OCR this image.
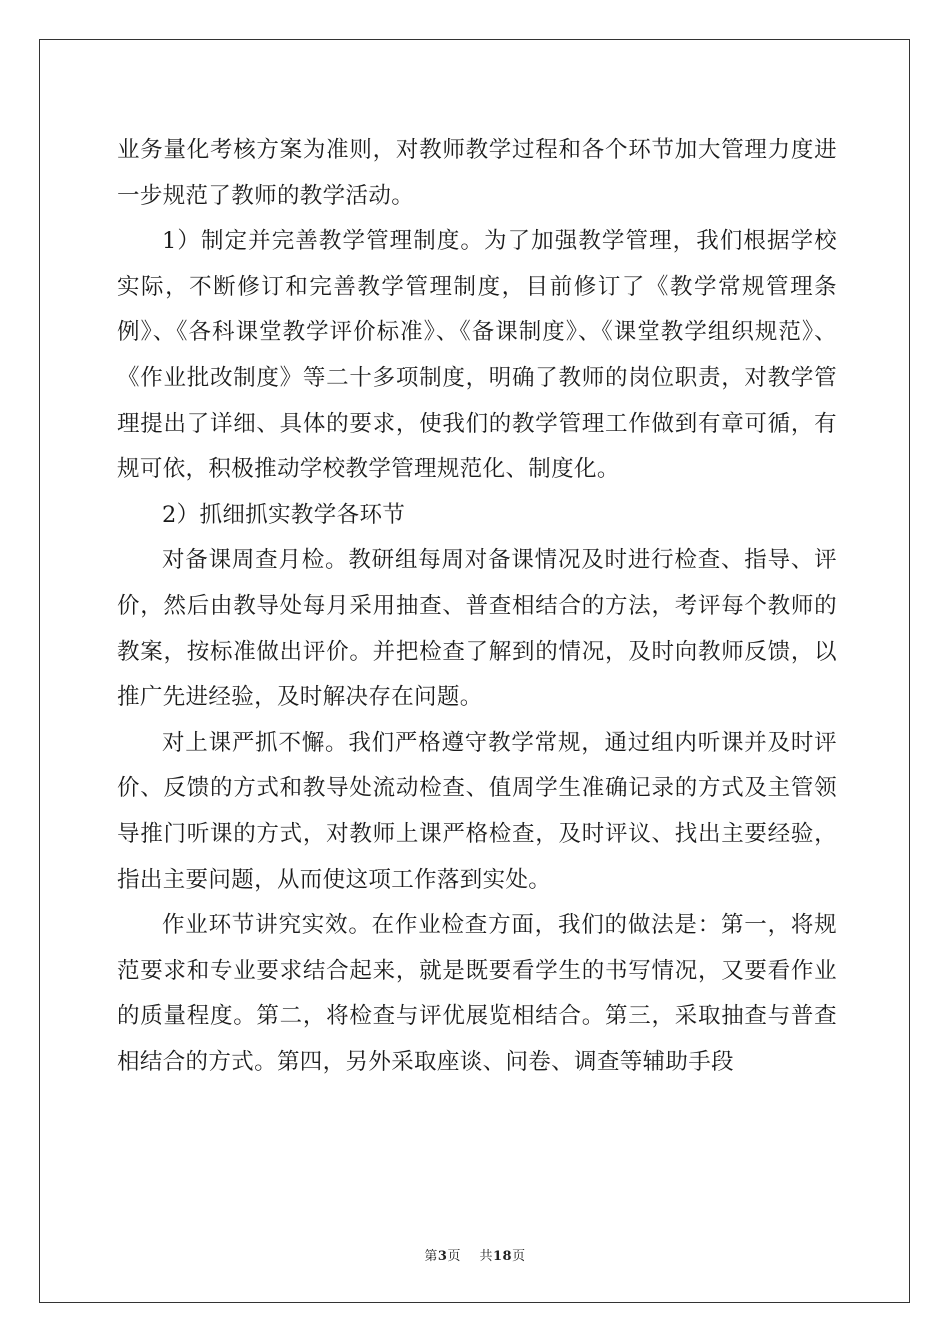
业务量化考核方案为准则，对教师教学过程和各个环节加大管理力度进一步规范了教师的教学活动。

1）制定并完善教学管理制度。为了加强教学管理，我们根据学校实际，不断修订和完善教学管理制度，目前修订了《教学常规管理条例》、《各科课堂教学评价标准》、《备课制度》、《课堂教学组织规范》、《作业批改制度》等二十多项制度，明确了教师的岗位职责，对教学管理提出了详细、具体的要求，使我们的教学管理工作做到有章可循，有规可依，积极推动学校教学管理规范化、制度化。

2）抓细抓实教学各环节

对备课周查月检。教研组每周对备课情况及时进行检查、指导、评价，然后由教导处每月采用抽查、普查相结合的方法，考评每个教师的教案，按标准做出评价。并把检查了解到的情况，及时向教师反馈，以推广先进经验，及时解决存在问题。

对上课严抓不懈。我们严格遵守教学常规，通过组内听课并及时评价、反馈的方式和教导处流动检查、值周学生准确记录的方式及主管领导推门听课的方式，对教师上课严格检查，及时评议、找出主要经验，指出主要问题，从而使这项工作落到实处。

作业环节讲究实效。在作业检查方面，我们的做法是：第一，将规范要求和专业要求结合起来，就是既要看学生的书写情况，又要看作业的质量程度。第二，将检查与评优展览相结合。第三，采取抽查与普查相结合的方式。第四，另外采取座谈、问卷、调查等辅助手段

第3页 共18页
